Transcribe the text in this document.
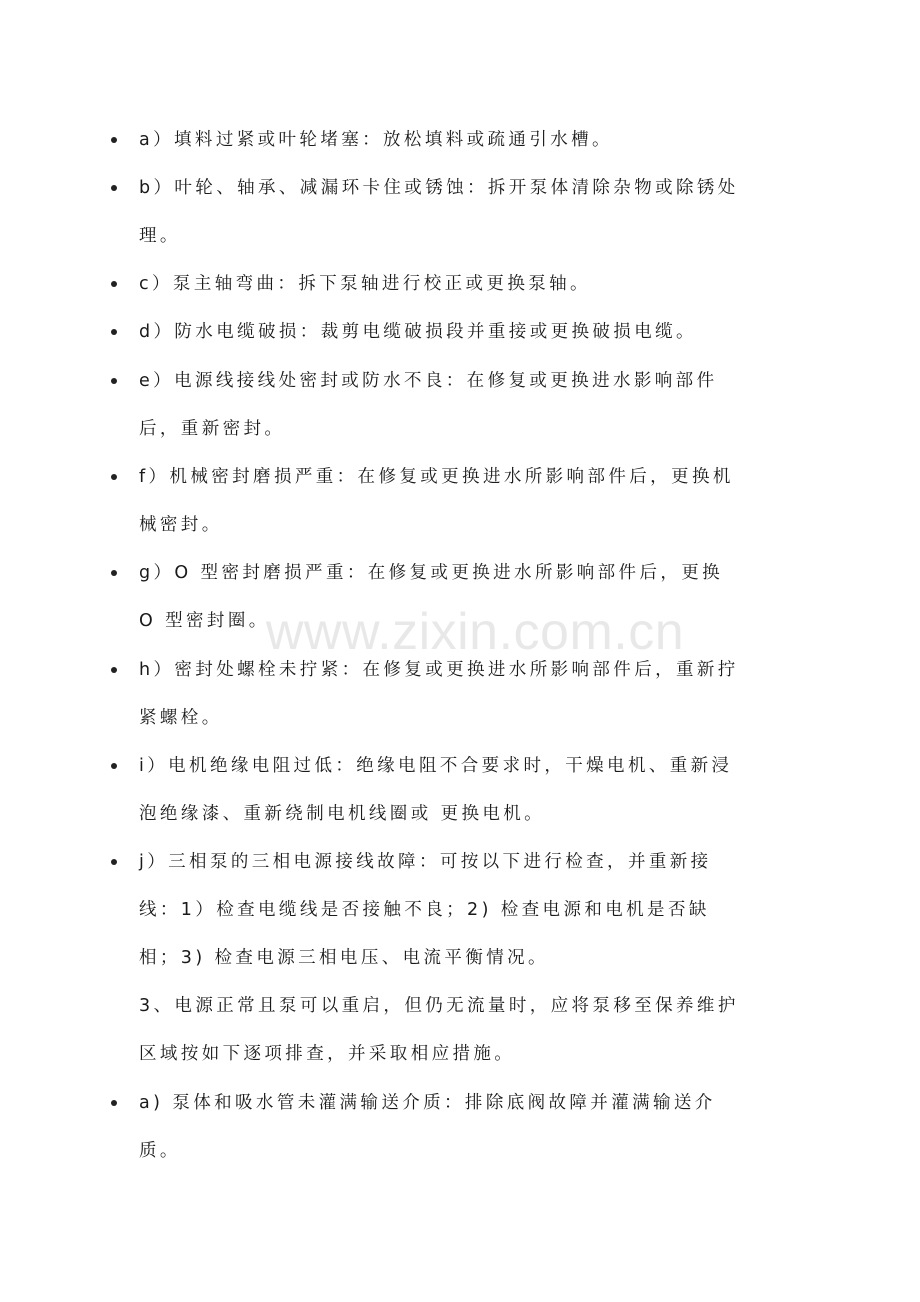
www.zixin.com.cn
a）填料过紧或叶轮堵塞：放松填料或疏通引水槽。
b）叶轮、轴承、减漏环卡住或锈蚀：拆开泵体清除杂物或除锈处
理。
c）泵主轴弯曲：拆下泵轴进行校正或更换泵轴。
d）防水电缆破损：裁剪电缆破损段并重接或更换破损电缆。
e）电源线接线处密封或防水不良：在修复或更换进水影响部件
后，重新密封。
f）机械密封磨损严重：在修复或更换进水所影响部件后，更换机
械密封。
g）O 型密封磨损严重：在修复或更换进水所影响部件后，更换
O 型密封圈。
h）密封处螺栓未拧紧：在修复或更换进水所影响部件后，重新拧
紧螺栓。
i）电机绝缘电阻过低：绝缘电阻不合要求时，干燥电机、重新浸
泡绝缘漆、重新绕制电机线圈或 更换电机。
j）三相泵的三相电源接线故障：可按以下进行检查，并重新接
线：1）检查电缆线是否接触不良；2) 检查电源和电机是否缺
相；3) 检查电源三相电压、电流平衡情况。
3、电源正常且泵可以重启，但仍无流量时，应将泵移至保养维护
区域按如下逐项排查，并采取相应措施。
a) 泵体和吸水管未灌满输送介质：排除底阀故障并灌满输送介
质。
